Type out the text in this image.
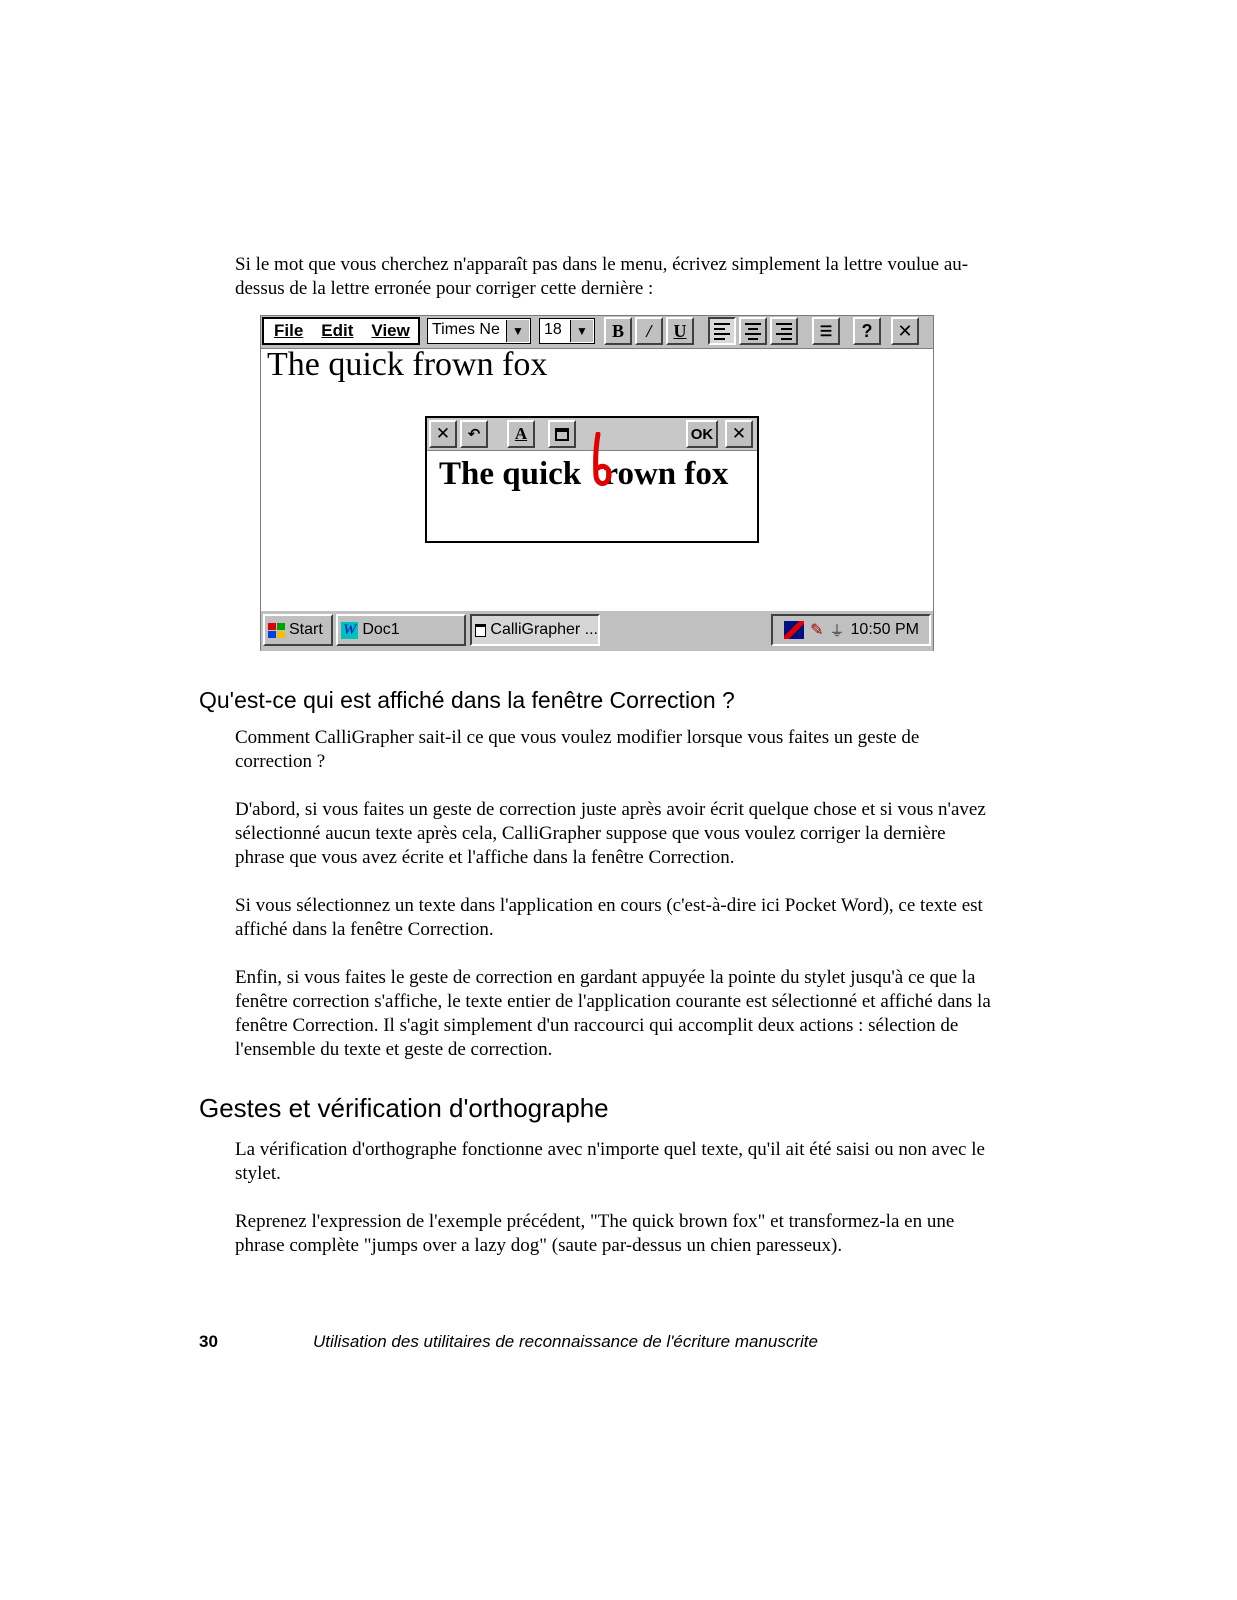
Si le mot que vous cherchez n'apparaît pas dans le menu, écrivez simplement la lettre voulue au-dessus de la lettre erronée pour corriger cette dernière :

File Edit View	Times Ne	▼	18	▼	B	/	U	☰	?	✕
The quick frown fox
✕ ↶ A	OK ✕
The quick rown fox
Start W Doc1	CalliGrapher ...	✎ ⏚ 10:50 PM
Qu'est-ce qui est affiché dans la fenêtre Correction ?

Comment CalliGrapher sait-il ce que vous voulez modifier lorsque vous faites un geste de correction ?

D'abord, si vous faites un geste de correction juste après avoir écrit quelque chose et si vous n'avez sélectionné aucun texte après cela, CalliGrapher suppose que vous voulez corriger la dernière phrase que vous avez écrite et l'affiche dans la fenêtre Correction.

Si vous sélectionnez un texte dans l'application en cours (c'est-à-dire ici Pocket Word), ce texte est affiché dans la fenêtre Correction.

Enfin, si vous faites le geste de correction en gardant appuyée la pointe du stylet jusqu'à ce que la fenêtre correction s'affiche, le texte entier de l'application courante est sélectionné et affiché dans la fenêtre Correction. Il s'agit simplement d'un raccourci qui accomplit deux actions : sélection de l'ensemble du texte et geste de correction.

Gestes et vérification d'orthographe

La vérification d'orthographe fonctionne avec n'importe quel texte, qu'il ait été saisi ou non avec le stylet.

Reprenez l'expression de l'exemple précédent, "The quick brown fox" et transformez-la en une phrase complète "jumps over a lazy dog" (saute par-dessus un chien paresseux).

30	Utilisation des utilitaires de reconnaissance de l'écriture manuscrite
